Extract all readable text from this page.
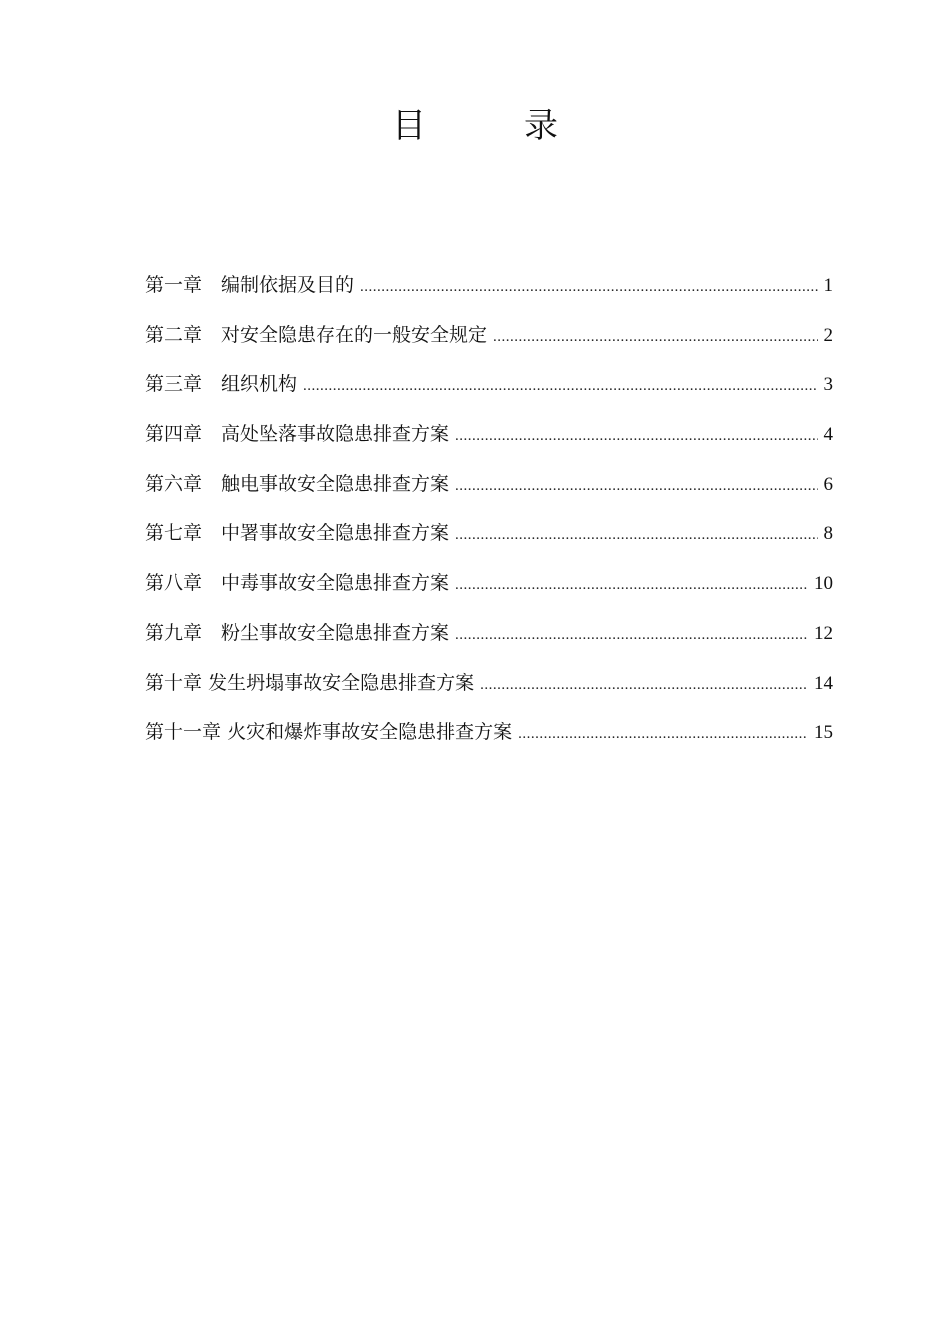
目	录
第一章　 编制依据及目的 .....	1
第二章　 对安全隐患存在的一般安全规定 .....	2
第三章　 组织机构 .....	3
第四章　 高处坠落事故隐患排查方案 .....	4
第六章　 触电事故安全隐患排查方案 .....	6
第七章　 中署事故安全隐患排查方案 .....	8
第八章　 中毒事故安全隐患排查方案 .....	10
第九章　 粉尘事故安全隐患排查方案 .....	12
第十章 发生坍塌事故安全隐患排查方案 .....	14
第十一章 火灾和爆炸事故安全隐患排查方案 .....	15
